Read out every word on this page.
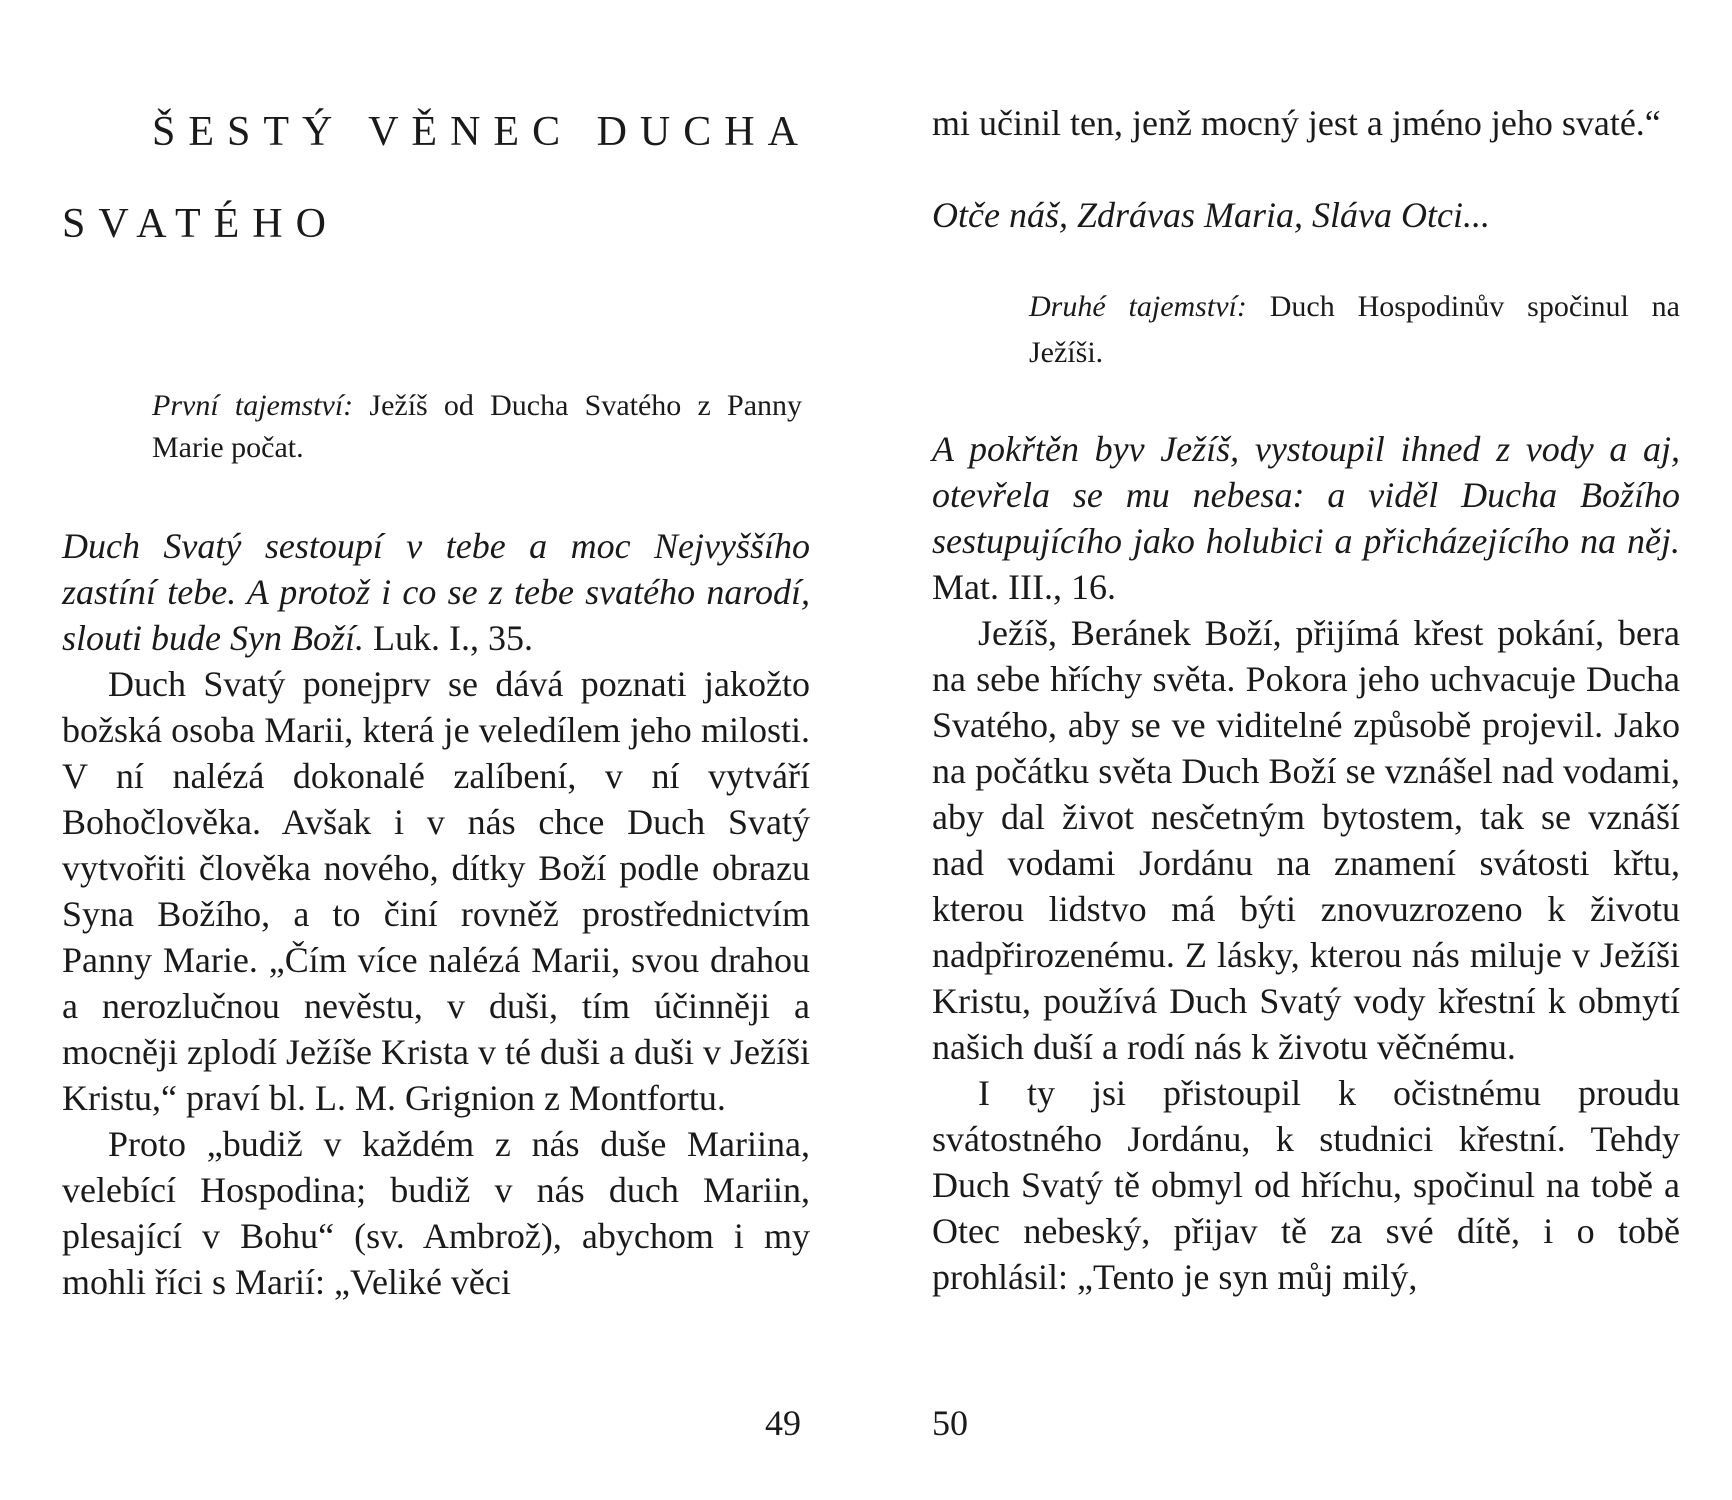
ŠESTÝ VĚNEC DUCHA
SVATÉHO
První tajemství: Ježíš od Ducha Svatého z Panny Marie počat.
Duch Svatý sestoupí v tebe a moc Nejvyššího zastíní tebe. A protož i co se z tebe svatého narodí, slouti bude Syn Boží. Luk. I., 35.

Duch Svatý ponejprv se dává poznati jakožto božská osoba Marii, která je veledílem jeho milosti. V ní nalézá dokonalé zalíbení, v ní vytváří Bohočlověka. Avšak i v nás chce Duch Svatý vytvořiti člověka nového, dítky Boží podle obrazu Syna Božího, a to činí rovněž prostřednictvím Panny Marie. „Čím více nalézá Marii, svou drahou a nerozlučnou nevěstu, v duši, tím účinněji a mocněji zplodí Ježíše Krista v té duši a duši v Ježíši Kristu,“ praví bl. L. M. Grignion z Montfortu.

Proto „budiž v každém z nás duše Mariina, velebící Hospodina; budiž v nás duch Mariin, plesající v Bohu“ (sv. Ambrož), abychom i my mohli říci s Marií: „Veliké věci

49
mi učinil ten, jenž mocný jest a jméno jeho svaté.“
Otče náš, Zdrávas Maria, Sláva Otci...
Druhé tajemství: Duch Hospodinův spočinul na Ježíši.
A pokřtěn byv Ježíš, vystoupil ihned z vody a aj, otevřela se mu nebesa: a viděl Ducha Božího sestupujícího jako holubici a přicházejícího na něj. Mat. III., 16.

Ježíš, Beránek Boží, přijímá křest pokání, bera na sebe hříchy světa. Pokora jeho uchvacuje Ducha Svatého, aby se ve viditelné způsobě projevil. Jako na počátku světa Duch Boží se vznášel nad vodami, aby dal život nesčetným bytostem, tak se vznáší nad vodami Jordánu na znamení svátosti křtu, kterou lidstvo má býti znovuzrozeno k životu nadpřirozenému. Z lásky, kterou nás miluje v Ježíši Kristu, používá Duch Svatý vody křestní k obmytí našich duší a rodí nás k životu věčnému.

I ty jsi přistoupil k očistnému proudu svátostného Jordánu, k studnici křestní. Tehdy Duch Svatý tě obmyl od hříchu, spočinul na tobě a Otec nebeský, přijav tě za své dítě, i o tobě prohlásil: „Tento je syn můj milý,

50
